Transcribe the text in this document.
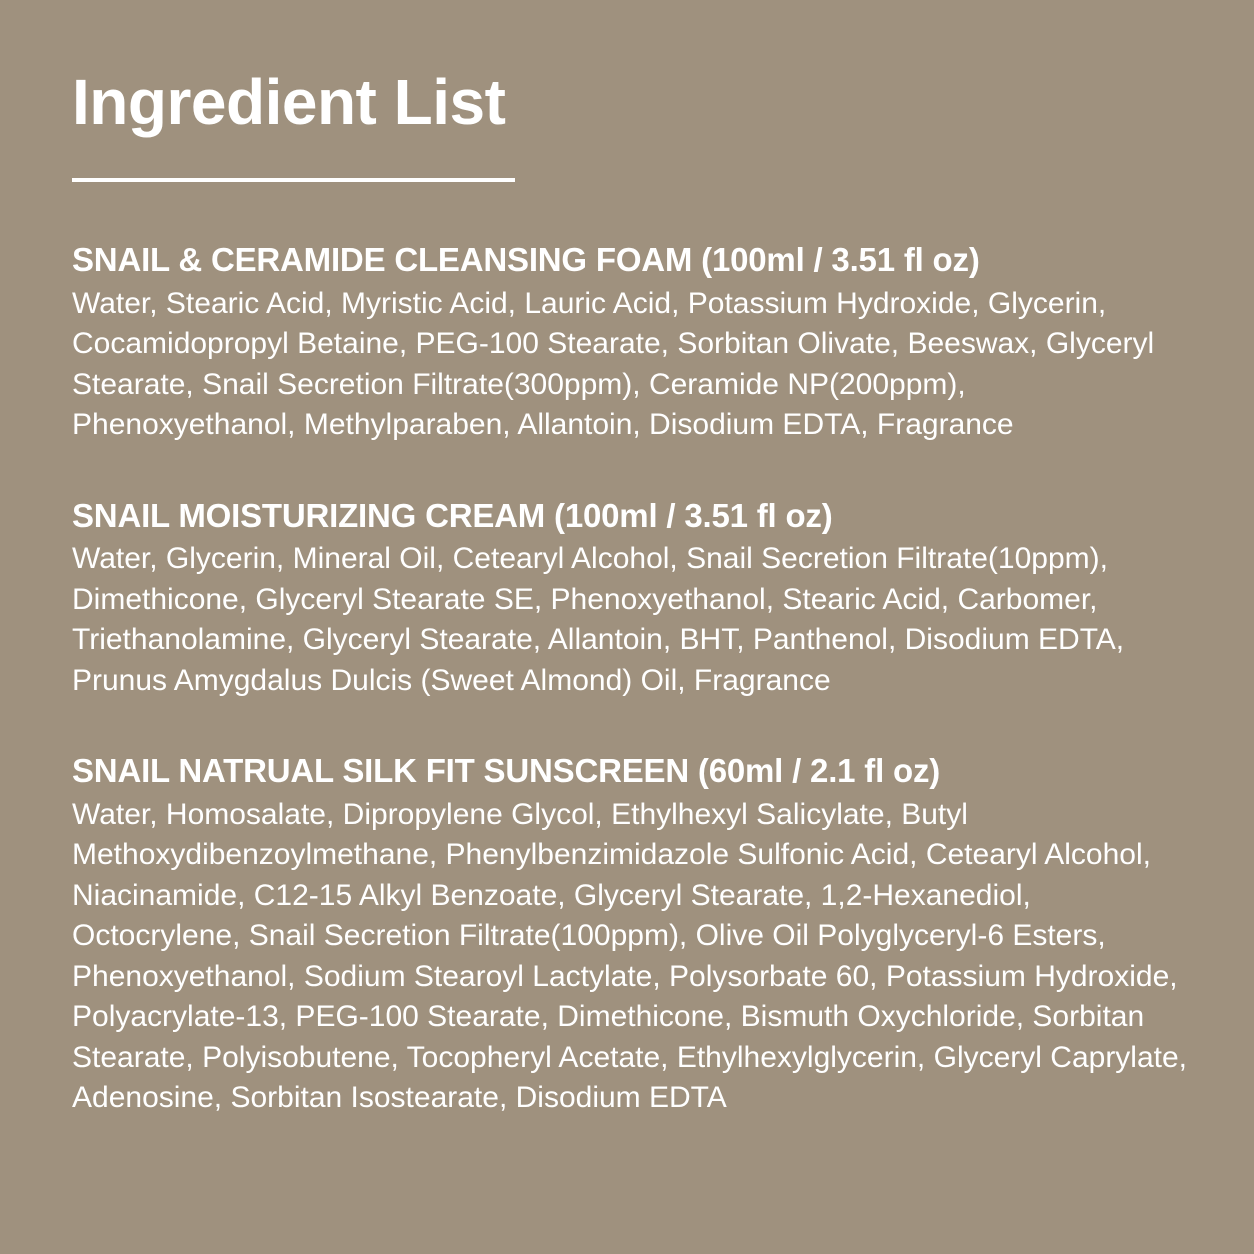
Ingredient List
SNAIL & CERAMIDE CLEANSING FOAM (100ml / 3.51 fl oz)

Water, Stearic Acid, Myristic Acid, Lauric Acid, Potassium Hydroxide, Glycerin, Cocamidopropyl Betaine, PEG-100 Stearate, Sorbitan Olivate, Beeswax, Glyceryl Stearate, Snail Secretion Filtrate(300ppm), Ceramide NP(200ppm), Phenoxyethanol, Methylparaben, Allantoin, Disodium EDTA, Fragrance

SNAIL MOISTURIZING CREAM (100ml / 3.51 fl oz)

Water, Glycerin, Mineral Oil, Cetearyl Alcohol, Snail Secretion Filtrate(10ppm), Dimethicone, Glyceryl Stearate SE, Phenoxyethanol, Stearic Acid, Carbomer, Triethanolamine, Glyceryl Stearate, Allantoin, BHT, Panthenol, Disodium EDTA, Prunus Amygdalus Dulcis (Sweet Almond) Oil, Fragrance

SNAIL NATRUAL SILK FIT SUNSCREEN (60ml / 2.1 fl oz)

Water, Homosalate, Dipropylene Glycol, Ethylhexyl Salicylate, Butyl Methoxydibenzoylmethane, Phenylbenzimidazole Sulfonic Acid, Cetearyl Alcohol, Niacinamide, C12-15 Alkyl Benzoate, Glyceryl Stearate, 1,2-Hexanediol, Octocrylene, Snail Secretion Filtrate(100ppm), Olive Oil Polyglyceryl-6 Esters, Phenoxyethanol, Sodium Stearoyl Lactylate, Polysorbate 60, Potassium Hydroxide, Polyacrylate-13, PEG-100 Stearate, Dimethicone, Bismuth Oxychloride, Sorbitan Stearate, Polyisobutene, Tocopheryl Acetate, Ethylhexylglycerin, Glyceryl Caprylate, Adenosine, Sorbitan Isostearate, Disodium EDTA
